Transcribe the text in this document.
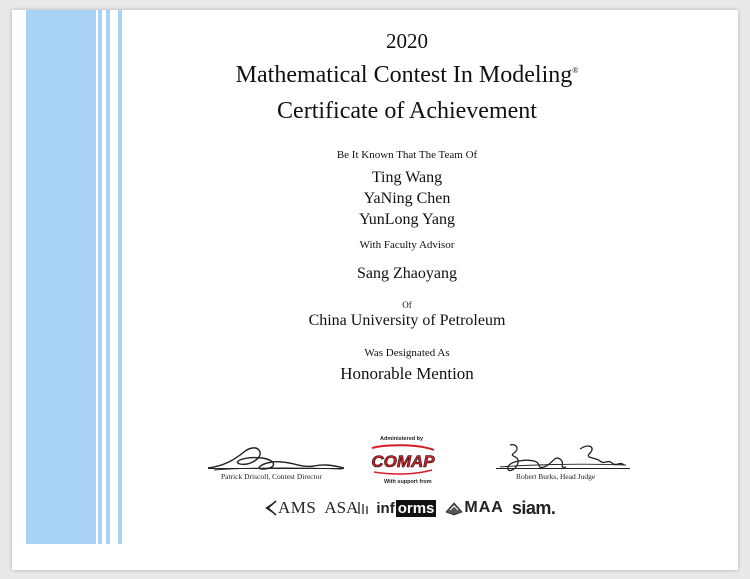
2020
Mathematical Contest In Modeling®
Certificate of Achievement
Be It Known That The Team Of
Ting Wang
YaNing Chen
YunLong Yang
With Faculty Advisor
Sang Zhaoyang
Of
China University of Petroleum
Was Designated As
Honorable Mention
Patrick Driscoll, Contest Director
Administered by
COMAP
With support from
Robert Burks, Head Judge
AMS ASA inf orms MAA siam.
